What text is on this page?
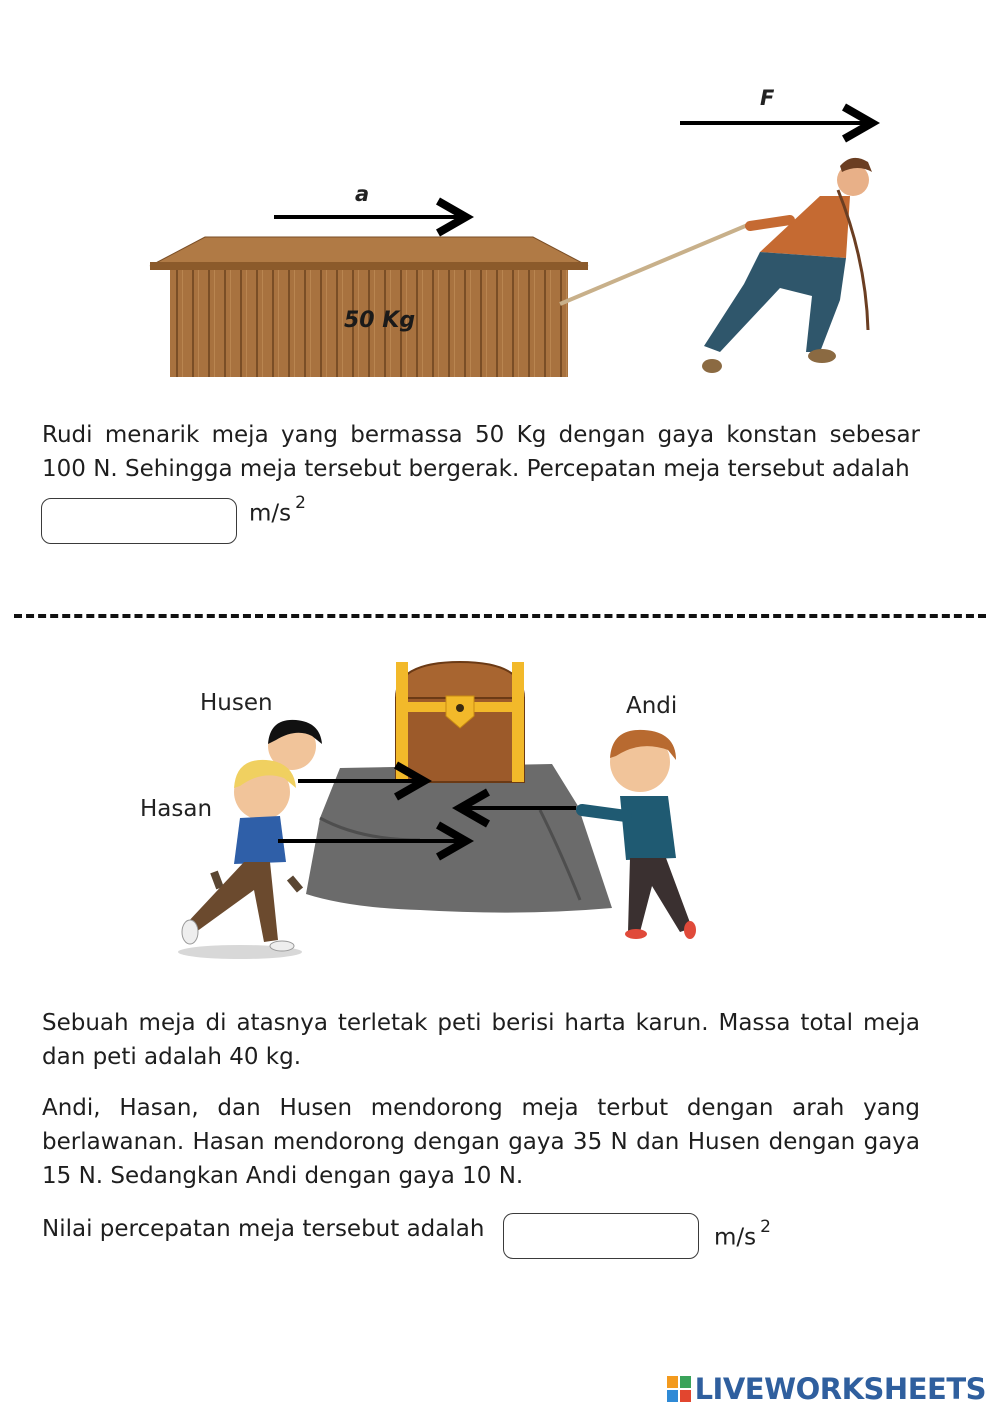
F
a
50 Kg

Rudi menarik meja yang bermassa 50 Kg dengan gaya konstan sebesar 100 N. Sehingga meja tersebut bergerak. Percepatan meja tersebut adalah

m/s $^2$
Husen
Hasan
Andi

Sebuah meja di atasnya terletak peti berisi harta karun. Massa total meja dan peti adalah 40 kg.

Andi, Hasan, dan Husen mendorong meja terbut dengan arah yang berlawanan. Hasan mendorong dengan gaya 35 N dan Husen dengan gaya 15 N. Sedangkan Andi dengan gaya 10 N.

Nilai percepatan meja tersebut adalah	m/s $^2$
LIVEWORKSHEETS
